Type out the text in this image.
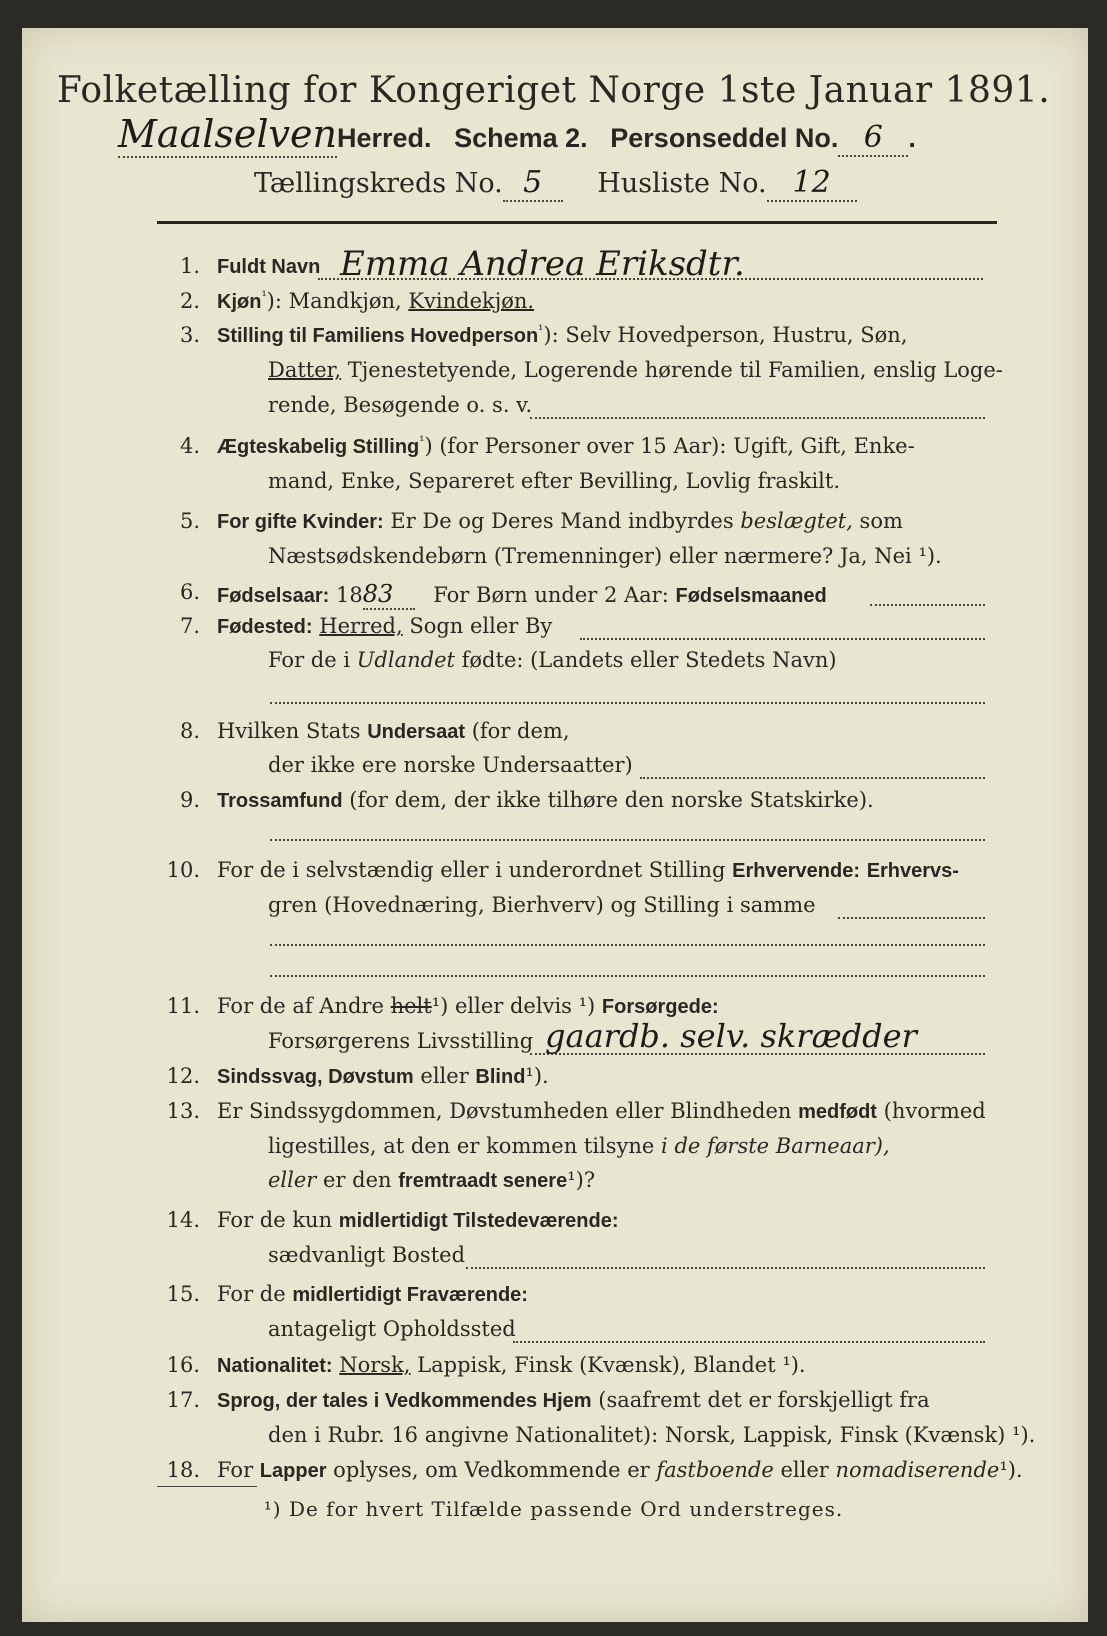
Folketælling for Kongeriget Norge 1ste Januar 1891.
MaalselvenHerred. Schema 2. Personseddel No. 6 .
Tællingskreds No. 5 Husliste No. 12
1. Fuldt Navn Emma Andrea Eriksdtr.
2. Kjøn$^{^1}$): Mandkjøn, Kvindekjøn.
3. Stilling til Familiens Hovedperson$^{^1}$): Selv Hovedperson, Hustru, Søn,
Datter, Tjenestetyende, Logerende hørende til Familien, enslig Loge-
rende, Besøgende o. s. v.
4. Ægteskabelig Stilling$^{^1}$) (for Personer over 15 Aar): Ugift, Gift, Enke-
mand, Enke, Separeret efter Bevilling, Lovlig fraskilt.
5. For gifte Kvinder: Er De og Deres Mand indbyrdes beslægtet, som
Næstsødskendebørn (Tremenninger) eller nærmere? Ja, Nei ¹).
6. Fødselsaar: 1883 For Børn under 2 Aar: Fødselsmaaned
7. Fødested: Herred, Sogn eller By
For de i Udlandet fødte: (Landets eller Stedets Navn)
8. Hvilken Stats Undersaat (for dem,
der ikke ere norske Undersaatter)
9. Trossamfund (for dem, der ikke tilhøre den norske Statskirke).
10. For de i selvstændig eller i underordnet Stilling Erhvervende: Erhvervs-
gren (Hovednæring, Bierhverv) og Stilling i samme
11. For de af Andre helt¹) eller delvis ¹) Forsørgede:
Forsørgerens Livsstilling gaardb. selv. skrædder
12. Sindssvag, Døvstum eller Blind¹).
13. Er Sindssygdommen, Døvstumheden eller Blindheden medfødt (hvormed
ligestilles, at den er kommen tilsyne i de første Barneaar),
eller er den fremtraadt senere¹)?
14. For de kun midlertidigt Tilstedeværende:
sædvanligt Bosted
15. For de midlertidigt Fraværende:
antageligt Opholdssted
16. Nationalitet: Norsk, Lappisk, Finsk (Kvænsk), Blandet ¹).
17. Sprog, der tales i Vedkommendes Hjem (saafremt det er forskjelligt fra
den i Rubr. 16 angivne Nationalitet): Norsk, Lappisk, Finsk (Kvænsk) ¹).
18. For Lapper oplyses, om Vedkommende er fastboende eller nomadiserende¹).
¹) De for hvert Tilfælde passende Ord understreges.
